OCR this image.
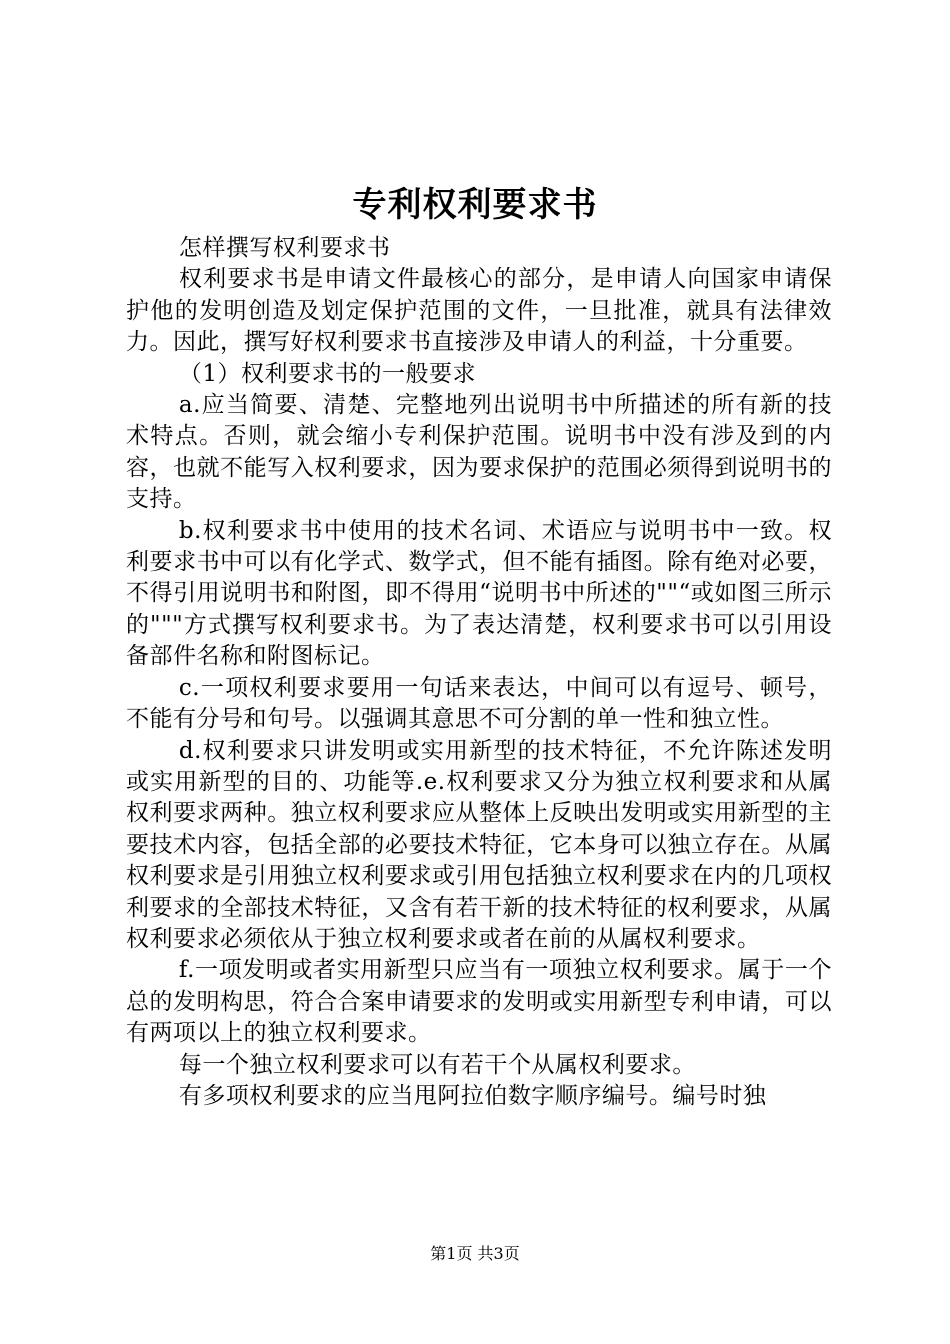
专利权利要求书

怎样撰写权利要求书

权利要求书是申请文件最核心的部分，是申请人向国家申请保护他的发明创造及划定保护范围的文件，一旦批准，就具有法律效力。因此，撰写好权利要求书直接涉及申请人的利益，十分重要。

（1）权利要求书的一般要求

a.应当简要、清楚、完整地列出说明书中所描述的所有新的技术特点。否则，就会缩小专利保护范围。说明书中没有涉及到的内容，也就不能写入权利要求，因为要求保护的范围必须得到说明书的支持。

b.权利要求书中使用的技术名词、术语应与说明书中一致。权利要求书中可以有化学式、数学式，但不能有插图。除有绝对必要，不得引用说明书和附图，即不得用“说明书中所述的""“或如图三所示的"""方式撰写权利要求书。为了表达清楚，权利要求书可以引用设备部件名称和附图标记。

c.一项权利要求要用一句话来表达，中间可以有逗号、顿号，不能有分号和句号。以强调其意思不可分割的单一性和独立性。

d.权利要求只讲发明或实用新型的技术特征，不允许陈述发明或实用新型的目的、功能等.e.权利要求又分为独立权利要求和从属权利要求两种。独立权利要求应从整体上反映出发明或实用新型的主要技术内容，包括全部的必要技术特征，它本身可以独立存在。从属权利要求是引用独立权利要求或引用包括独立权利要求在内的几项权利要求的全部技术特征，又含有若干新的技术特征的权利要求，从属权利要求必须依从于独立权利要求或者在前的从属权利要求。

f.一项发明或者实用新型只应当有一项独立权利要求。属于一个总的发明构思，符合合案申请要求的发明或实用新型专利申请，可以有两项以上的独立权利要求。

每一个独立权利要求可以有若干个从属权利要求。

有多项权利要求的应当甩阿拉伯数字顺序编号。编号时独

第1页 共3页
